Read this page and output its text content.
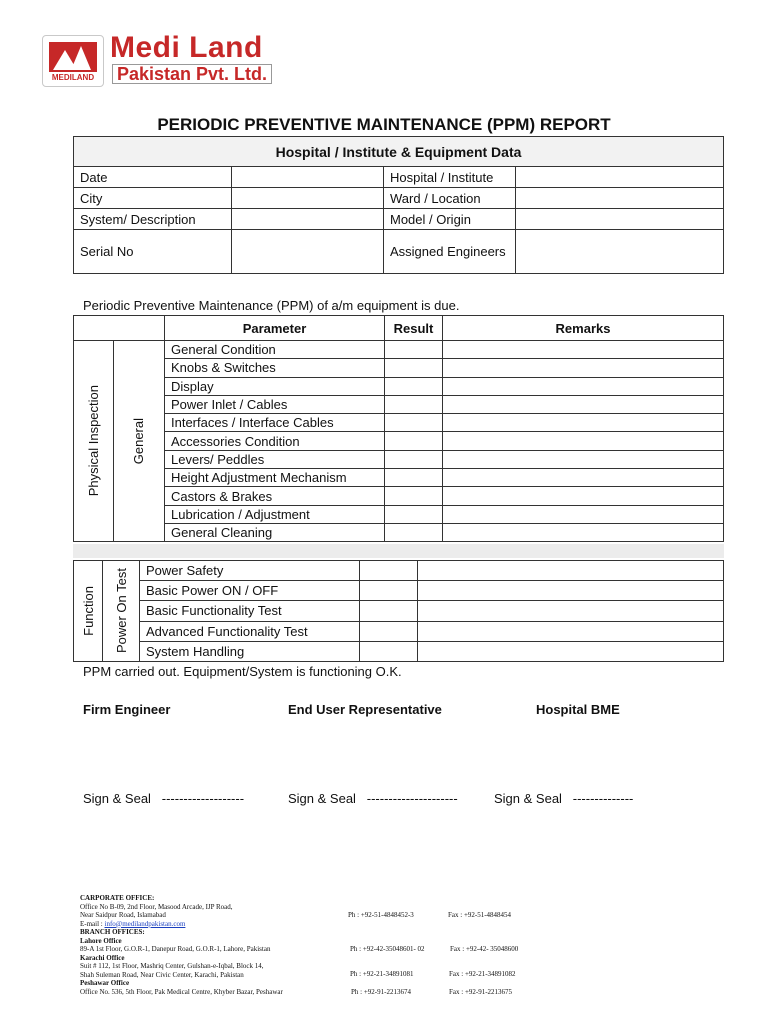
MEDILAND
Medi Land
Pakistan Pvt. Ltd.
PERIODIC PREVENTIVE MAINTENANCE (PPM) REPORT
Hospital / Institute & Equipment Data			
Date		Hospital / Institute	
City		Ward / Location	
System/ Description		Model / Origin	
Serial No		Assigned Engineers	
Periodic Preventive Maintenance (PPM) of a/m equipment is due.
		Parameter	Result	Remarks

Physical Inspection	General	General Condition		
		Knobs & Switches		
		Display		
		Power Inlet / Cables		
		Interfaces / Interface Cables		
		Accessories Condition		
		Levers/ Peddles		
		Height Adjustment Mechanism		
		Castors & Brakes		
		Lubrication / Adjustment		
		General Cleaning		
Function	Power On Test	Power Safety		
		Basic Power ON / OFF		
		Basic Functionality Test		
		Advanced Functionality Test		
		System Handling		
PPM carried out. Equipment/System is functioning O.K.
Firm Engineer	End User Representative	Hospital BME
Sign & Seal   -------------------	Sign & Seal   ---------------------	Sign & Seal   --------------
CARPORATE OFFICE:
Office No B-09, 2nd Floor, Masood Arcade, IJP Road,
Near Saidpur Road, Islamabad
E-mail : info@medilandpakistan.com
BRANCH OFFICES:
Lahore Office
89-A 1st Floor, G.O.R-1, Danepur Road, G.O.R-1, Lahore, Pakistan
Karachi Office
Suit # 112, 1st Floor, Mashriq Center, Gulshan-e-Iqbal, Block 14,
Shah Suleman Road, Near Civic Center, Karachi, Pakistan
Peshawar Office
Office No. 536, 5th Floor, Pak Medical Centre, Khyber Bazar, Peshawar
Ph : +92-51-4848452-3	Fax : +92-51-4848454
Ph : +92-42-35048601- 02	Fax : +92-42- 35048600
Ph : +92-21-34891081	Fax : +92-21-34891082
Ph : +92-91-2213674	Fax : +92-91-2213675
